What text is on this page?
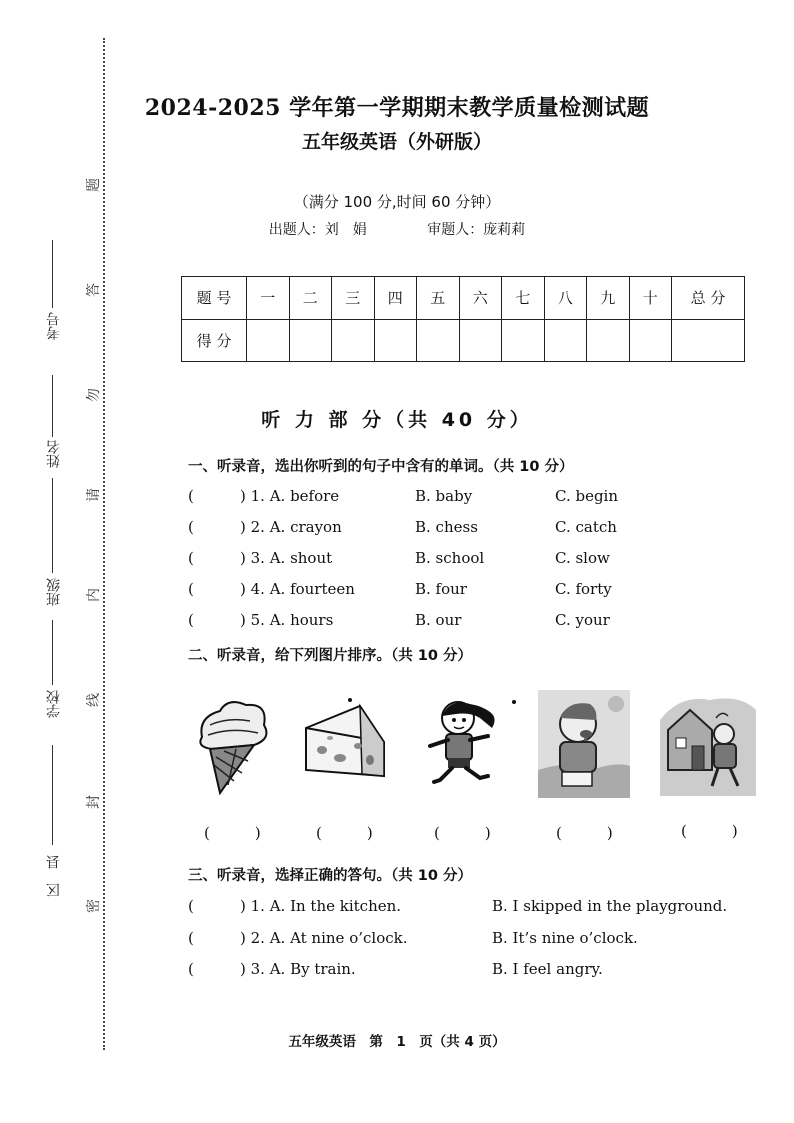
区　县
学校
班级
姓名
考号
密
封
线
内
请
勿
答
题
2024-2025 学年第一学期期末教学质量检测试题
五年级英语（外研版）
（满分 100 分,时间 60 分钟）
出题人：刘　娟	审题人：庞莉莉
题 号	一	二	三	四	五	六	七	八	九	十	总 分
得 分											
听 力 部 分（共 40 分）
一、听录音，选出你听到的句子中含有的单词。（共 10 分）
(	) 1. A. before	B. baby	C. begin
(	) 2. A. crayon	B. chess	C. catch
(	) 3. A. shout	B. school	C. slow
(	) 4. A. fourteen	B. four	C. forty
(	) 5. A. hours	B. our	C. your
二、听录音，给下列图片排序。（共 10 分）
(　　　)	(　　　)	(　　　)	(　　　)	(　　　)
三、听录音，选择正确的答句。（共 10 分）
(	) 1. A. In the kitchen.	B. I skipped in the playground.
(	) 2. A. At nine o’clock.	B. It’s nine o’clock.
(	) 3. A. By train.	B. I feel angry.
五年级英语　第　1　页（共 4 页）
